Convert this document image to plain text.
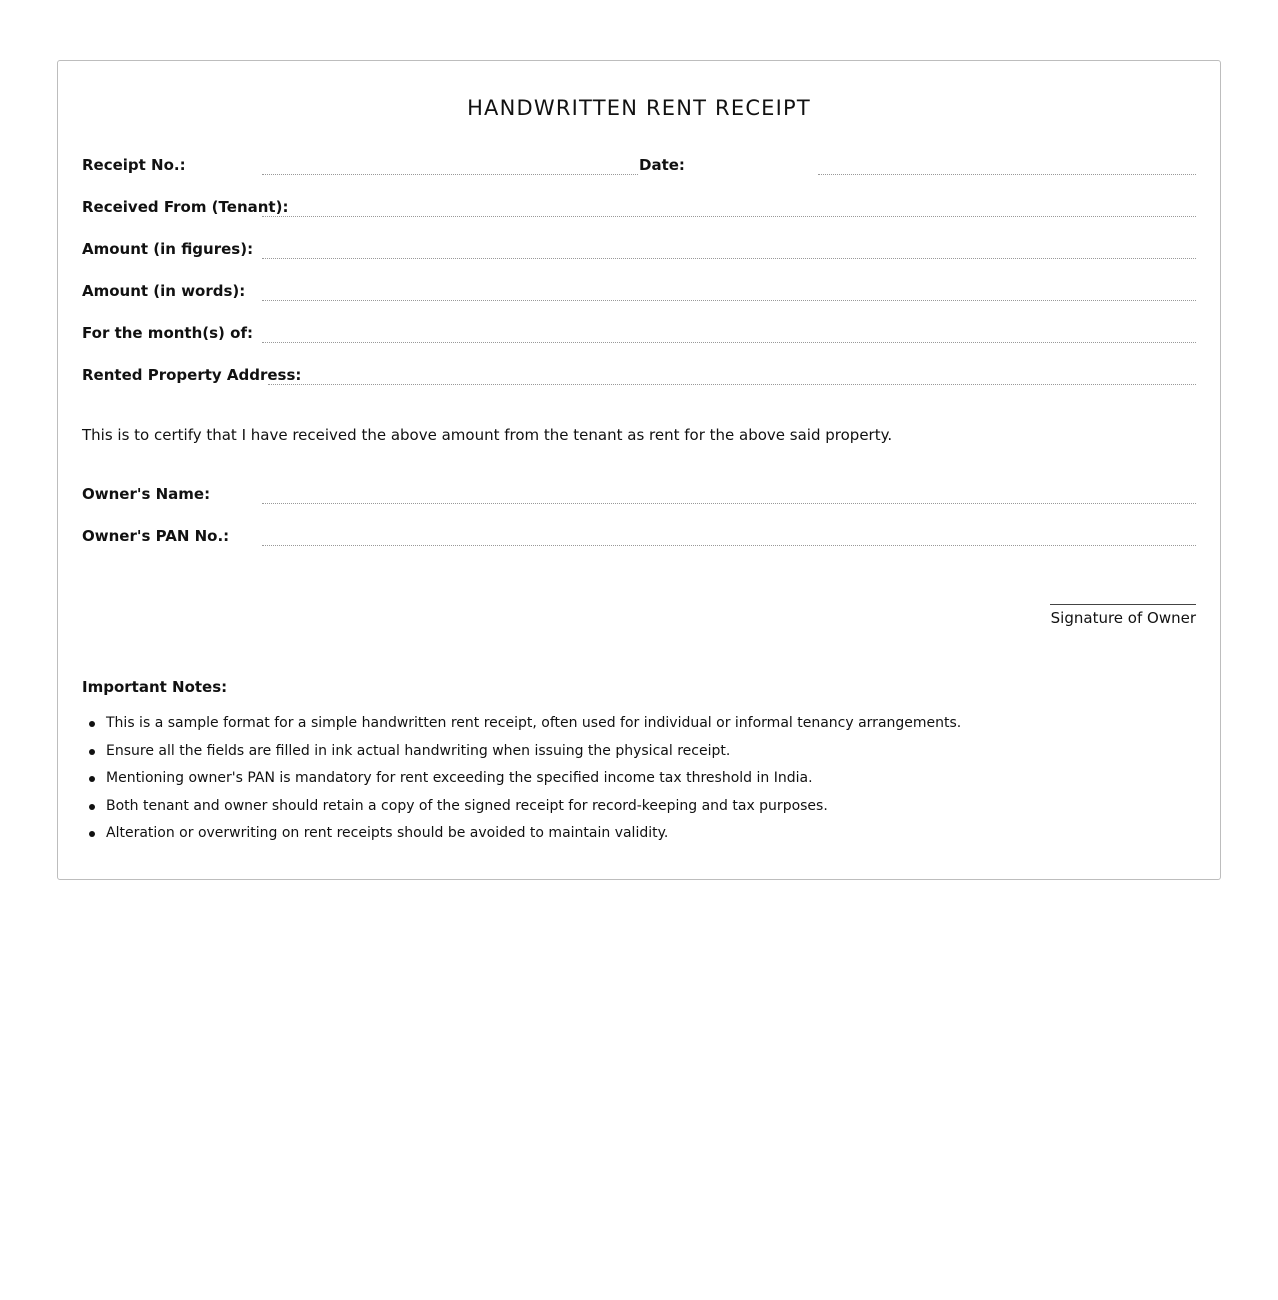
HANDWRITTEN RENT RECEIPT
Receipt No.:	Date:
Received From (Tenant):
Amount (in figures):
Amount (in words):
For the month(s) of:
Rented Property Address:

This is to certify that I have received the above amount from the tenant as rent for the above said property.

Owner's Name:
Owner's PAN No.:
Signature of Owner
Important Notes:
This is a sample format for a simple handwritten rent receipt, often used for individual or informal tenancy arrangements.
Ensure all the fields are filled in ink actual handwriting when issuing the physical receipt.
Mentioning owner's PAN is mandatory for rent exceeding the specified income tax threshold in India.
Both tenant and owner should retain a copy of the signed receipt for record-keeping and tax purposes.
Alteration or overwriting on rent receipts should be avoided to maintain validity.
